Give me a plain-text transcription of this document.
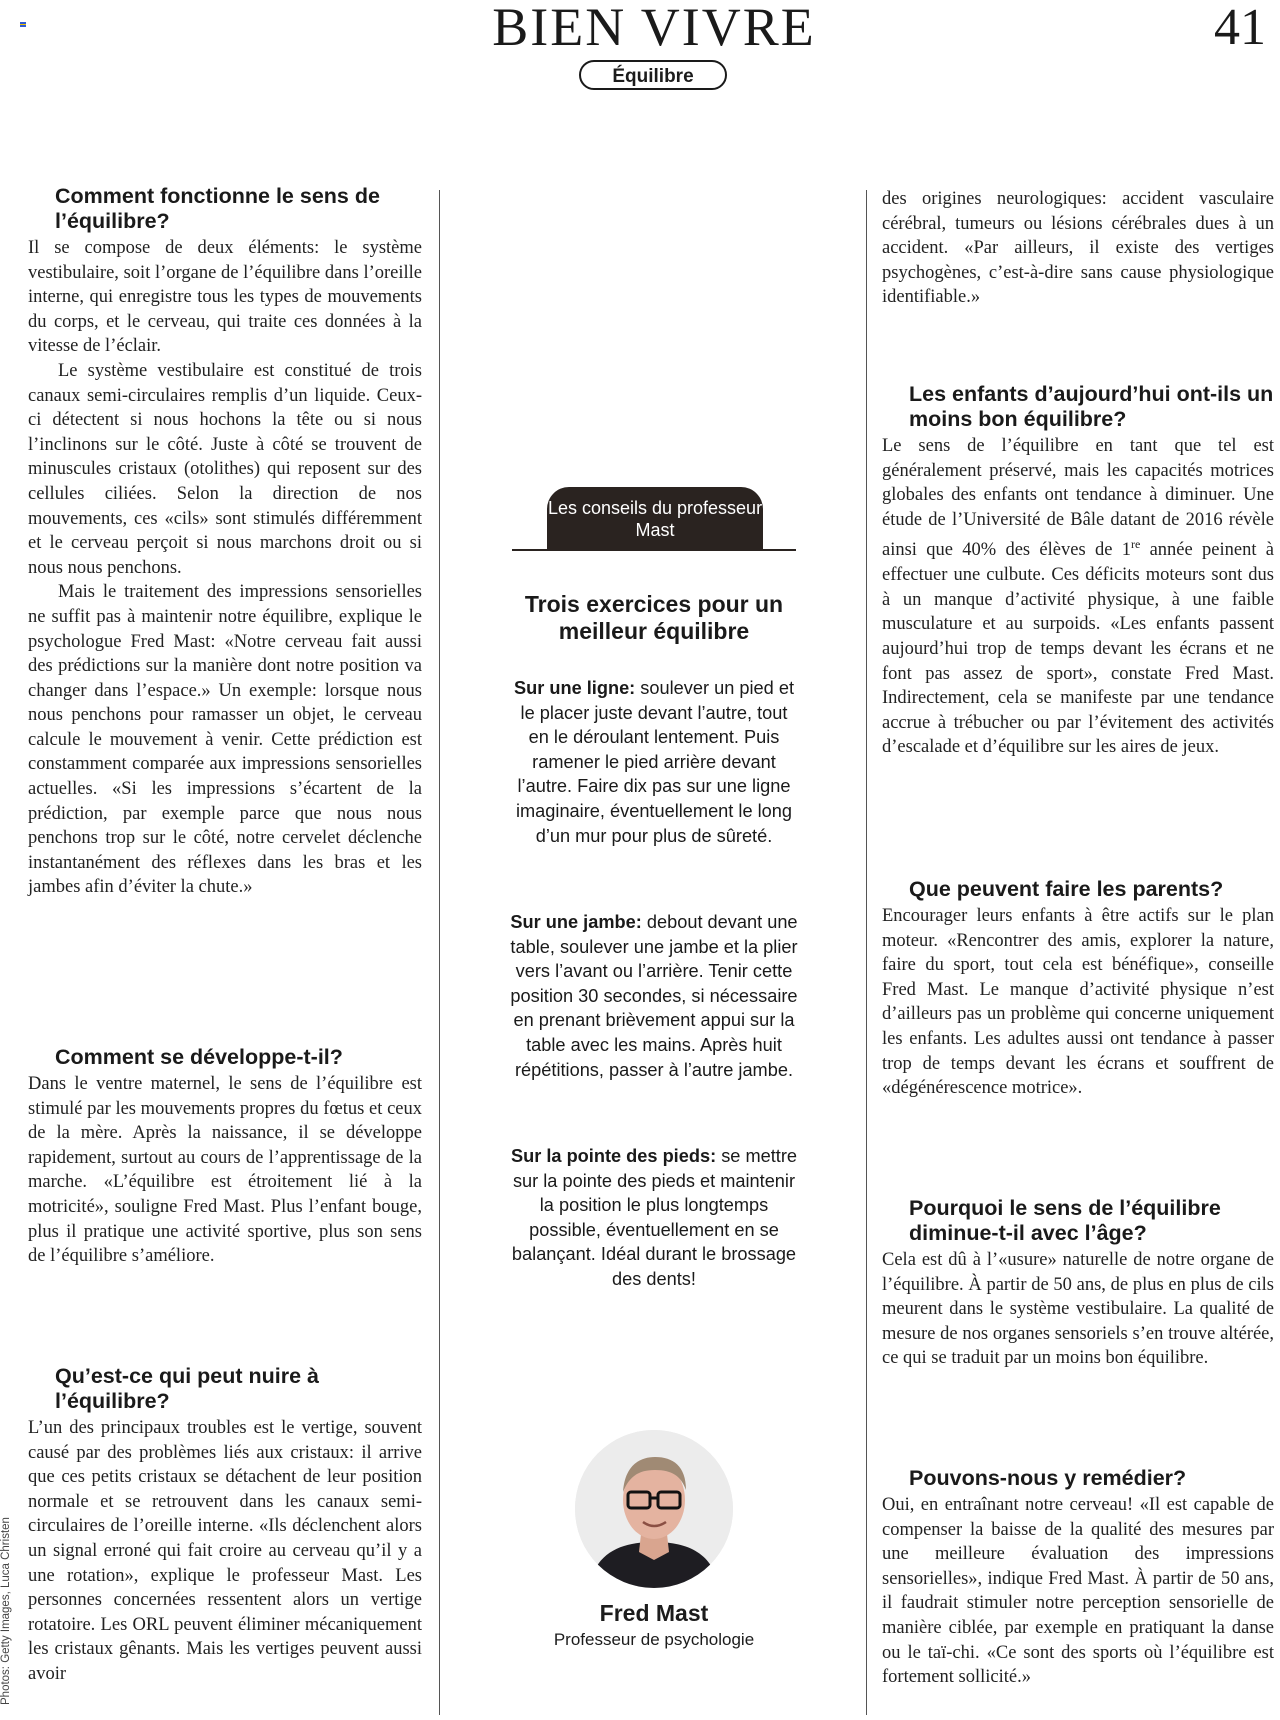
BIEN VIVRE	41
Équilibre
Photos: Getty Images, Luca Christen
Comment fonctionne le sens de l’équilibre?

Il se compose de deux éléments: le système vestibulaire, soit l’organe de l’équilibre dans l’oreille interne, qui enregistre tous les types de mouvements du corps, et le cerveau, qui traite ces données à la vitesse de l’éclair.

Le système vestibulaire est constitué de trois canaux semi-circulaires remplis d’un liquide. Ceux-ci détectent si nous hochons la tête ou si nous l’inclinons sur le côté. Juste à côté se trouvent de minuscules cristaux (otolithes) qui reposent sur des cellules ciliées. Selon la direction de nos mouvements, ces «cils» sont stimulés différemment et le cerveau perçoit si nous marchons droit ou si nous nous penchons.

Mais le traitement des impressions sensorielles ne suffit pas à maintenir notre équilibre, explique le psychologue Fred Mast: «Notre cerveau fait aussi des prédictions sur la manière dont notre position va changer dans l’espace.» Un exemple: lorsque nous nous penchons pour ramasser un objet, le cerveau calcule le mouvement à venir. Cette prédiction est constamment comparée aux impressions sensorielles actuelles. «Si les impressions s’écartent de la prédiction, par exemple parce que nous nous penchons trop sur le côté, notre cervelet déclenche instantanément des réflexes dans les bras et les jambes afin d’éviter la chute.»

Comment se développe-t-il?

Dans le ventre maternel, le sens de l’équilibre est stimulé par les mouvements propres du fœtus et ceux de la mère. Après la naissance, il se développe rapidement, surtout au cours de l’apprentissage de la marche. «L’équilibre est étroitement lié à la motricité», souligne Fred Mast. Plus l’enfant bouge, plus il pratique une activité sportive, plus son sens de l’équilibre s’améliore.

Qu’est-ce qui peut nuire à l’équilibre?

L’un des principaux troubles est le vertige, souvent causé par des problèmes liés aux cristaux: il arrive que ces petits cristaux se détachent de leur position normale et se retrouvent dans les canaux semi-circulaires de l’oreille interne. «Ils déclenchent alors un signal erroné qui fait croire au cerveau qu’il y a une rotation», explique le professeur Mast. Les personnes concernées ressentent alors un vertige rotatoire. Les ORL peuvent éliminer mécaniquement les cristaux gênants. Mais les vertiges peuvent aussi avoir

Les conseils du professeur Mast
Trois exercices pour un meilleur équilibre

Sur une ligne: soulever un pied et le placer juste devant l’autre, tout en le déroulant lentement. Puis ramener le pied arrière devant l’autre. Faire dix pas sur une ligne imaginaire, éventuellement le long d’un mur pour plus de sûreté.

Sur une jambe: debout devant une table, soulever une jambe et la plier vers l’avant ou l’arrière. Tenir cette position 30 secondes, si nécessaire en prenant brièvement appui sur la table avec les mains. Après huit répétitions, passer à l’autre jambe.

Sur la pointe des pieds: se mettre sur la pointe des pieds et maintenir la position le plus longtemps possible, éventuellement en se balançant. Idéal durant le brossage des dents!

Fred Mast
Professeur de psychologie

des origines neurologiques: accident vasculaire cérébral, tumeurs ou lésions cérébrales dues à un accident. «Par ailleurs, il existe des vertiges psychogènes, c’est-à-dire sans cause physiologique identifiable.»

Les enfants d’aujourd’hui ont-ils un moins bon équilibre?

Le sens de l’équilibre en tant que tel est généralement préservé, mais les capacités motrices globales des enfants ont tendance à diminuer. Une étude de l’Université de Bâle datant de 2016 révèle ainsi que 40% des élèves de 1re année peinent à effectuer une culbute. Ces déficits moteurs sont dus à un manque d’activité physique, à une faible musculature et au surpoids. «Les enfants passent aujourd’hui trop de temps devant les écrans et ne font pas assez de sport», constate Fred Mast. Indirectement, cela se manifeste par une tendance accrue à trébucher ou par l’évitement des activités d’escalade et d’équilibre sur les aires de jeux.

Que peuvent faire les parents?

Encourager leurs enfants à être actifs sur le plan moteur. «Rencontrer des amis, explorer la nature, faire du sport, tout cela est bénéfique», conseille Fred Mast. Le manque d’activité physique n’est d’ailleurs pas un problème qui concerne uniquement les enfants. Les adultes aussi ont tendance à passer trop de temps devant les écrans et souffrent de «dégénérescence motrice».

Pourquoi le sens de l’équilibre diminue-t-il avec l’âge?

Cela est dû à l’«usure» naturelle de notre organe de l’équilibre. À partir de 50 ans, de plus en plus de cils meurent dans le système vestibulaire. La qualité de mesure de nos organes sensoriels s’en trouve altérée, ce qui se traduit par un moins bon équilibre.

Pouvons-nous y remédier?

Oui, en entraînant notre cerveau! «Il est capable de compenser la baisse de la qualité des mesures par une meilleure évaluation des impressions sensorielles», indique Fred Mast. À partir de 50 ans, il faudrait stimuler notre perception sensorielle de manière ciblée, par exemple en pratiquant la danse ou le taï-chi. «Ce sont des sports où l’équilibre est fortement sollicité.»
